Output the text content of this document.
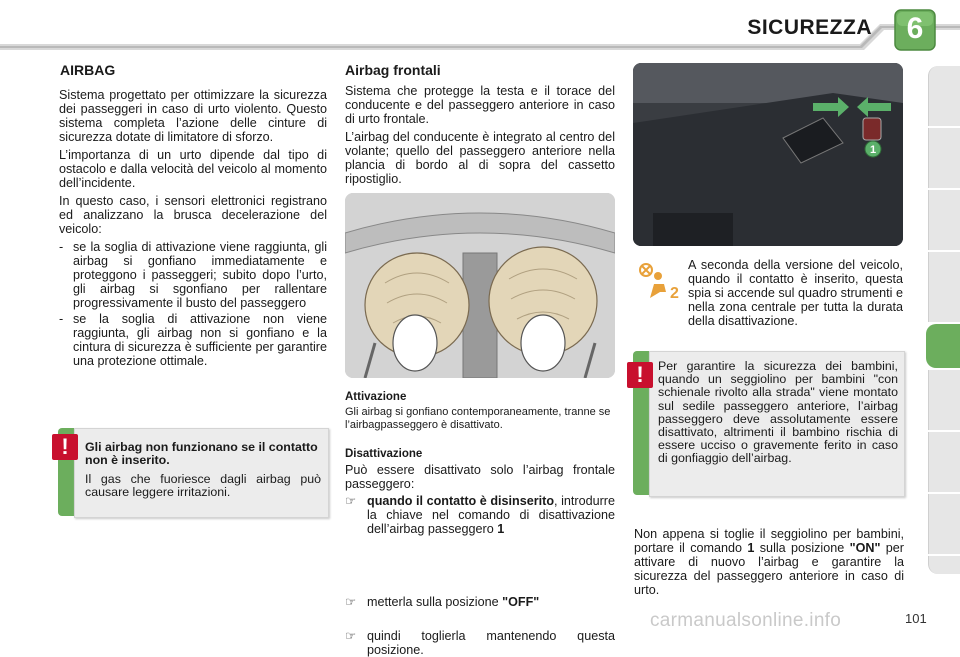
SICUREZZA	6
AIRBAG

Sistema progettato per ottimizzare la sicurezza dei passeggeri in caso di urto violento. Questo sistema completa l’azione delle cinture di sicurezza dotate di limitatore di sforzo.

L’importanza di un urto dipende dal tipo di ostacolo e dalla velocità del veicolo al momento dell’incidente.

In questo caso, i sensori elettronici registrano ed analizzano la brusca decelerazione del veicolo:

- se la soglia di attivazione viene raggiunta, gli airbag si gonfiano immediatamente e proteggono i passeggeri; subito dopo l’urto, gli airbag si sgonfiano per rallentare progressivamente il busto del passeggero
- se la soglia di attivazione non viene raggiunta, gli airbag non si gonfiano e la cintura di sicurezza è sufficiente per garantire una protezione ottimale.
Gli airbag non funzionano se il contatto non è inserito.

Il gas che fuoriesce dagli airbag può causare leggere irritazioni.

!
Airbag frontali

Sistema che protegge la testa e il torace del conducente e del passeggero anteriore in caso di urto frontale.

L’airbag del conducente è integrato al centro del volante; quello del passeggero anteriore nella plancia di bordo al di sopra del cassetto ripostiglio.

Attivazione

Gli airbag si gonfiano contemporaneamente, tranne se l’airbagpasseggero è disattivato.

Disattivazione

Può essere disattivato solo l’airbag frontale passeggero:

☞ quando il contatto è disinserito, introdurre la chiave nel comando di disattivazione dell’airbag passeggero 1
☞ metterla sulla posizione "OFF"
☞ quindi toglierla mantenendo questa posizione.
1
2

A seconda della versione del veicolo, quando il contatto è inserito, questa spia si accende sul quadro strumenti e nella zona centrale per tutta la durata della disattivazione.

Per garantire la sicurezza dei bambini, quando un seggiolino per bambini "con schienale rivolto alla strada" viene montato sul sedile passeggero anteriore, l’airbag passeggero deve assolutamente essere disattivato, altrimenti il bambino rischia di essere ucciso o gravemente ferito in caso di gonfiaggio dell’airbag.

!

Non appena si toglie il seggiolino per bambini, portare il comando 1 sulla posizione "ON" per attivare di nuovo l’airbag e garantire la sicurezza del passeggero anteriore in caso di urto.

carmanualsonline.info	101
